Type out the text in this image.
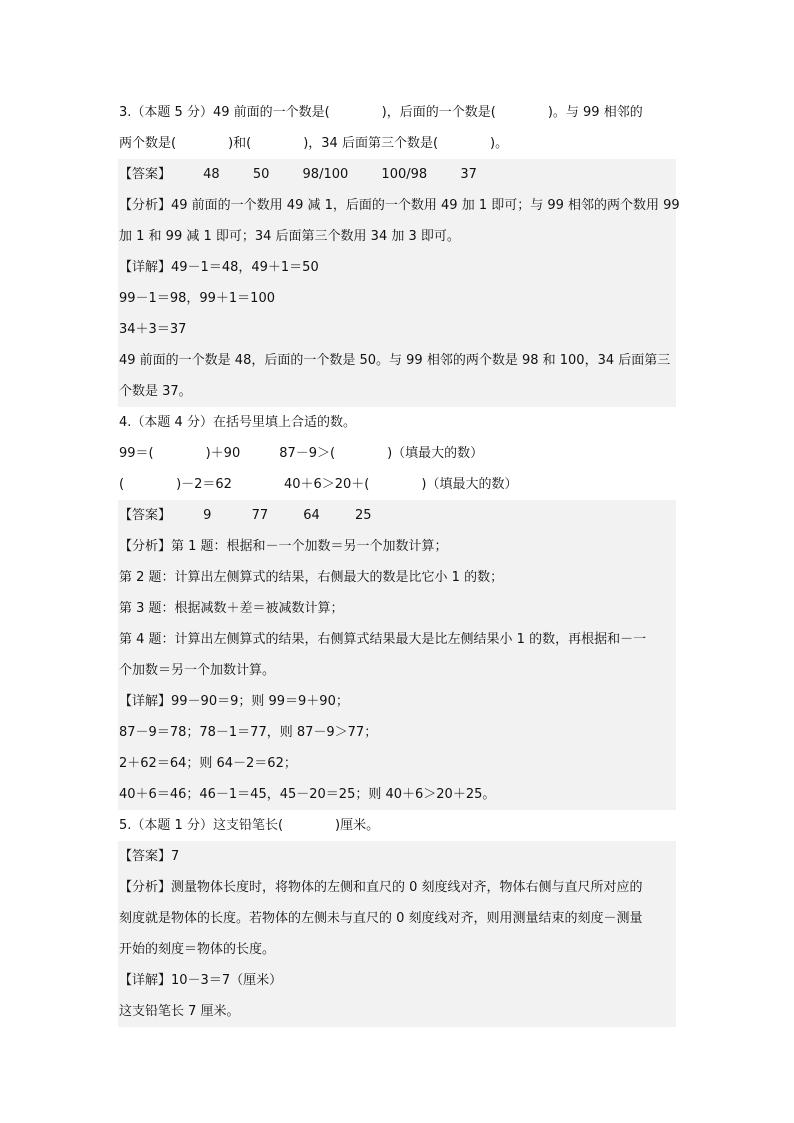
3.（本题 5 分）49 前面的一个数是(　　　　)，后面的一个数是(　　　　)。与 99 相邻的
两个数是(　　　　)和(　　　　)，34 后面第三个数是(　　　　)。
【答案】 48	50	98/100	100/98	37
【分析】49 前面的一个数用 49 减 1，后面的一个数用 49 加 1 即可；与 99 相邻的两个数用 99
加 1 和 99 减 1 即可；34 后面第三个数用 34 加 3 即可。
【详解】49－1＝48，49＋1＝50
99－1＝98，99＋1＝100
34＋3＝37
49 前面的一个数是 48，后面的一个数是 50。与 99 相邻的两个数是 98 和 100，34 后面第三
个数是 37。
4.（本题 4 分）在括号里填上合适的数。
99＝(　　　　)＋90　　　87－9＞(　　　　)（填最大的数）
(　　　　)－2＝62　　　　40＋6＞20＋(　　　　)（填最大的数）
【答案】 9	77	64	25
【分析】第 1 题：根据和－一个加数＝另一个加数计算；
第 2 题：计算出左侧算式的结果，右侧最大的数是比它小 1 的数；
第 3 题：根据减数＋差＝被减数计算；
第 4 题：计算出左侧算式的结果，右侧算式结果最大是比左侧结果小 1 的数，再根据和－一
个加数＝另一个加数计算。
【详解】99－90＝9；则 99＝9＋90；
87－9＝78；78－1＝77，则 87－9＞77；
2＋62＝64；则 64－2＝62；
40＋6＝46；46－1＝45，45－20＝25；则 40＋6＞20＋25。
5.（本题 1 分）这支铅笔长(　　　　)厘米。
【答案】7
【分析】测量物体长度时，将物体的左侧和直尺的 0 刻度线对齐，物体右侧与直尺所对应的
刻度就是物体的长度。若物体的左侧未与直尺的 0 刻度线对齐，则用测量结束的刻度－测量
开始的刻度＝物体的长度。
【详解】10－3＝7（厘米）
这支铅笔长 7 厘米。
